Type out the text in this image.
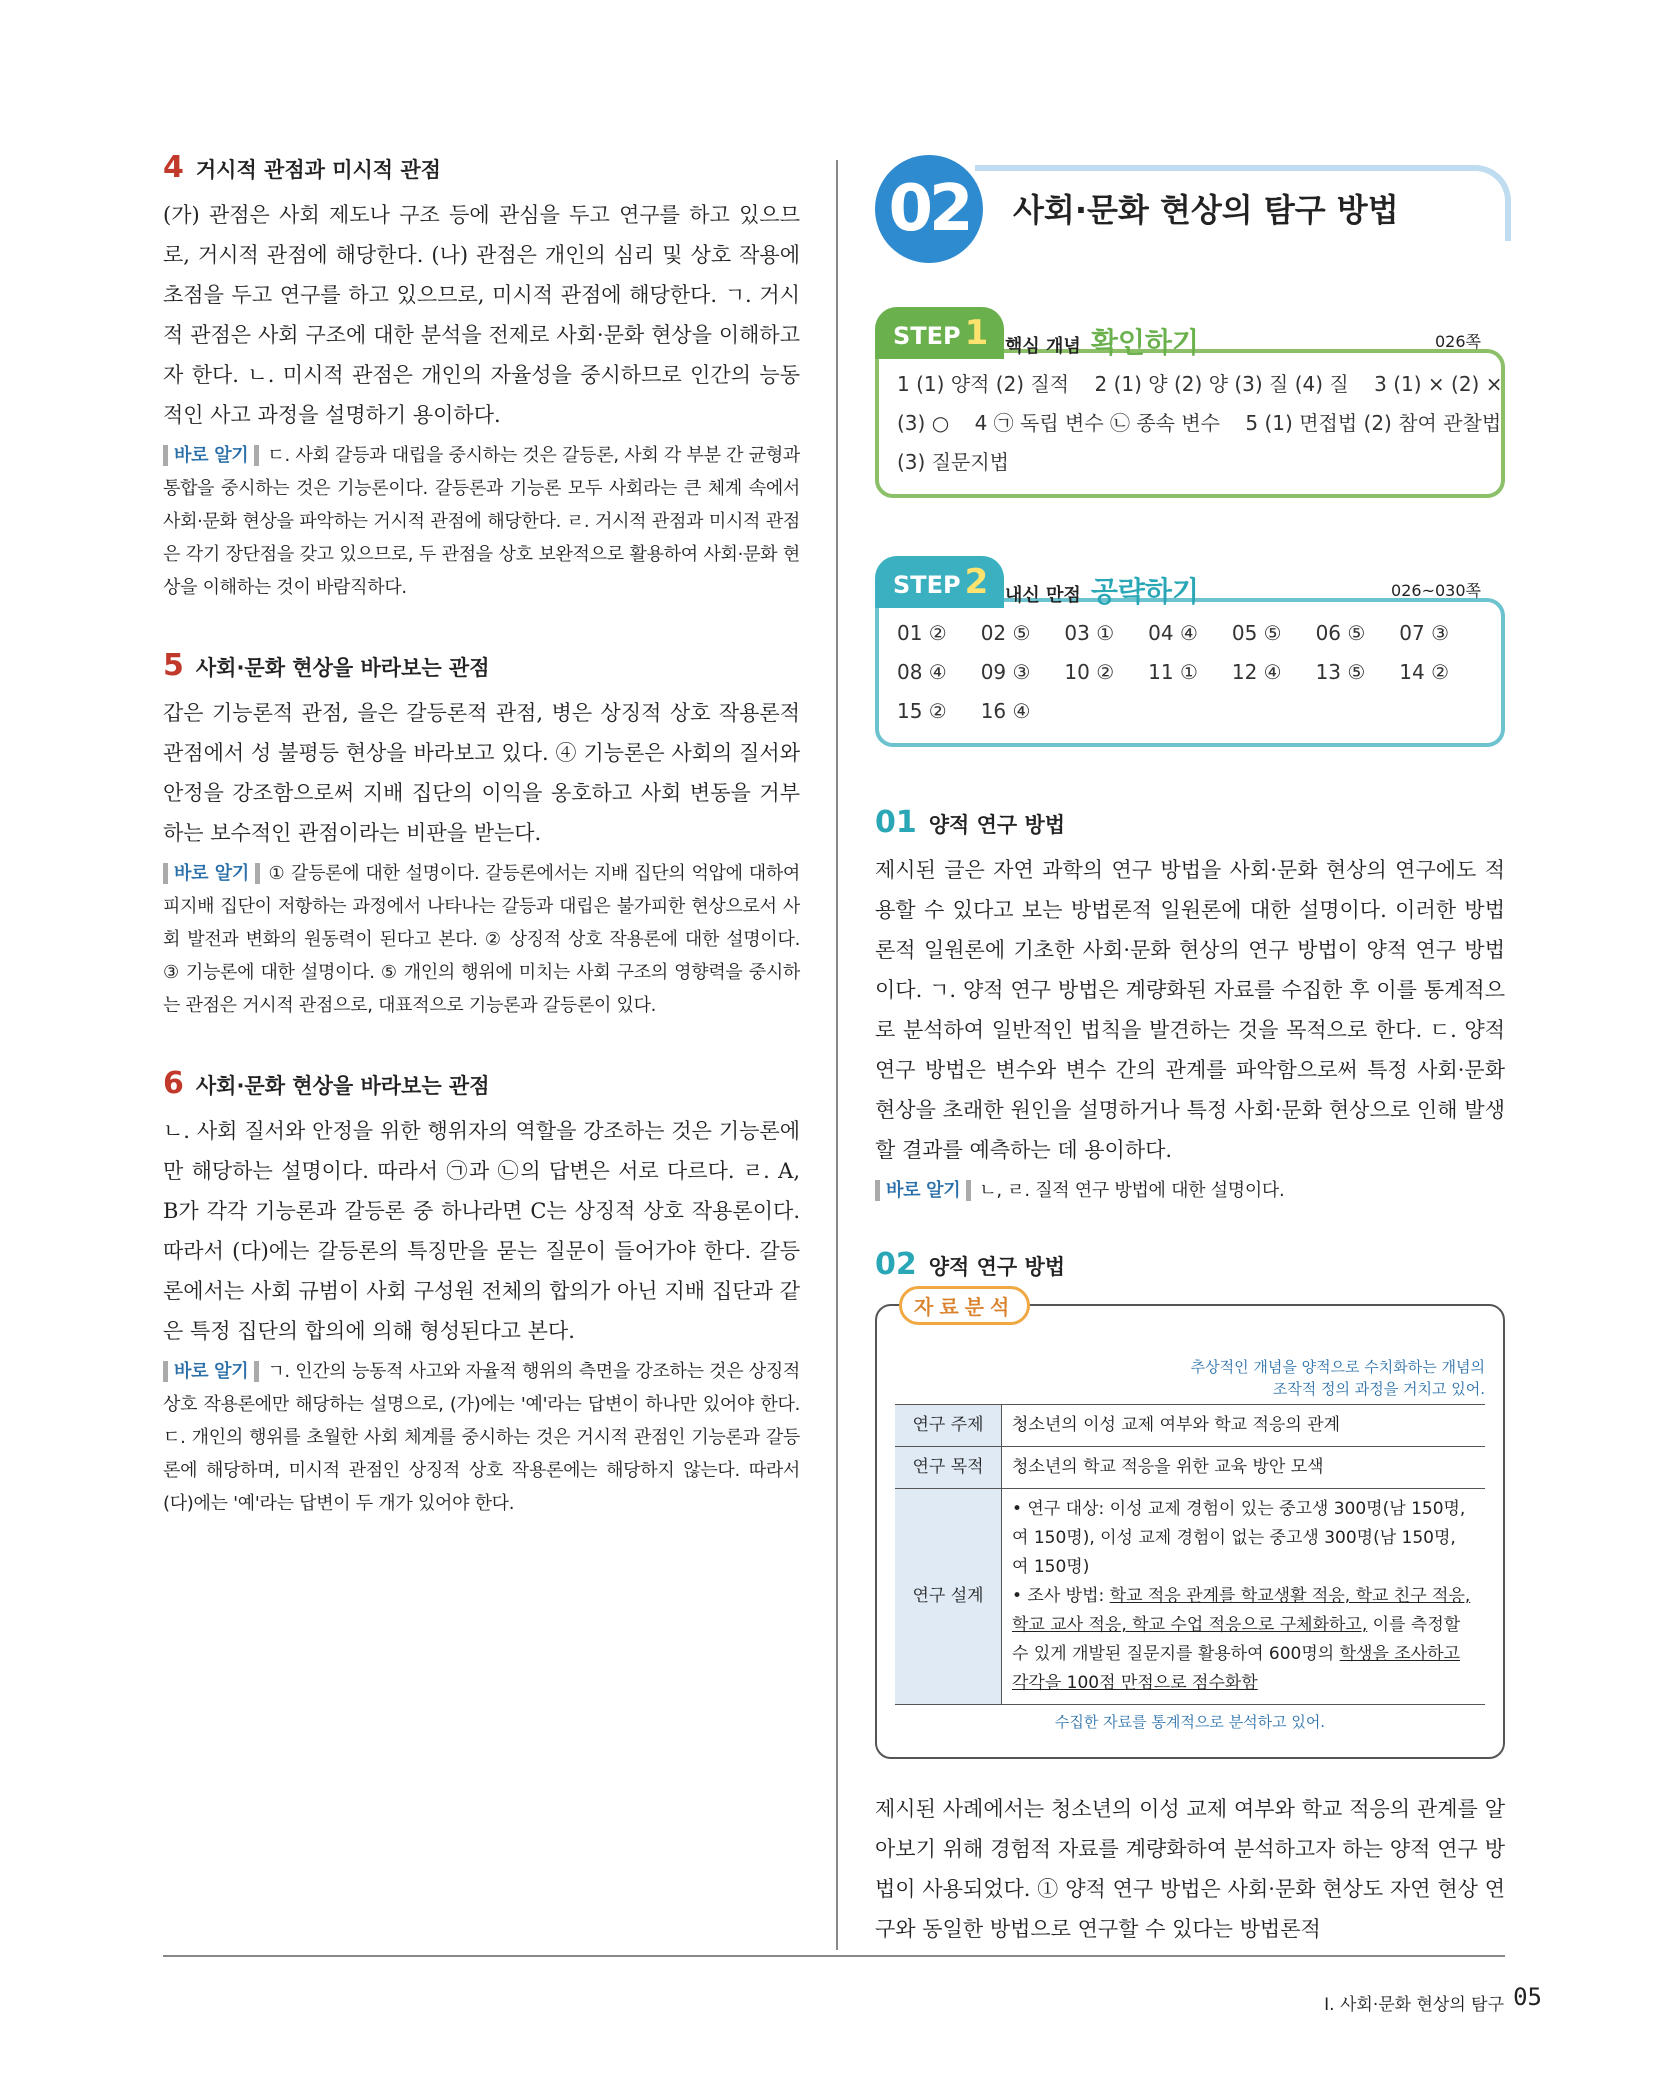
4 거시적 관점과 미시적 관점

(가) 관점은 사회 제도나 구조 등에 관심을 두고 연구를 하고 있으므로, 거시적 관점에 해당한다. (나) 관점은 개인의 심리 및 상호 작용에 초점을 두고 연구를 하고 있으므로, 미시적 관점에 해당한다. ㄱ. 거시적 관점은 사회 구조에 대한 분석을 전제로 사회·문화 현상을 이해하고자 한다. ㄴ. 미시적 관점은 개인의 자율성을 중시하므로 인간의 능동적인 사고 과정을 설명하기 용이하다.

바로 알기 ㄷ. 사회 갈등과 대립을 중시하는 것은 갈등론, 사회 각 부분 간 균형과 통합을 중시하는 것은 기능론이다. 갈등론과 기능론 모두 사회라는 큰 체계 속에서 사회·문화 현상을 파악하는 거시적 관점에 해당한다. ㄹ. 거시적 관점과 미시적 관점은 각기 장단점을 갖고 있으므로, 두 관점을 상호 보완적으로 활용하여 사회·문화 현상을 이해하는 것이 바람직하다.

5 사회·문화 현상을 바라보는 관점

갑은 기능론적 관점, 을은 갈등론적 관점, 병은 상징적 상호 작용론적 관점에서 성 불평등 현상을 바라보고 있다. ④ 기능론은 사회의 질서와 안정을 강조함으로써 지배 집단의 이익을 옹호하고 사회 변동을 거부하는 보수적인 관점이라는 비판을 받는다.

바로 알기 ① 갈등론에 대한 설명이다. 갈등론에서는 지배 집단의 억압에 대하여 피지배 집단이 저항하는 과정에서 나타나는 갈등과 대립은 불가피한 현상으로서 사회 발전과 변화의 원동력이 된다고 본다. ② 상징적 상호 작용론에 대한 설명이다. ③ 기능론에 대한 설명이다. ⑤ 개인의 행위에 미치는 사회 구조의 영향력을 중시하는 관점은 거시적 관점으로, 대표적으로 기능론과 갈등론이 있다.

6 사회·문화 현상을 바라보는 관점

ㄴ. 사회 질서와 안정을 위한 행위자의 역할을 강조하는 것은 기능론에만 해당하는 설명이다. 따라서 ㉠과 ㉡의 답변은 서로 다르다. ㄹ. A, B가 각각 기능론과 갈등론 중 하나라면 C는 상징적 상호 작용론이다. 따라서 (다)에는 갈등론의 특징만을 묻는 질문이 들어가야 한다. 갈등론에서는 사회 규범이 사회 구성원 전체의 합의가 아닌 지배 집단과 같은 특정 집단의 합의에 의해 형성된다고 본다.

바로 알기 ㄱ. 인간의 능동적 사고와 자율적 행위의 측면을 강조하는 것은 상징적 상호 작용론에만 해당하는 설명으로, (가)에는 '예'라는 답변이 하나만 있어야 한다. ㄷ. 개인의 행위를 초월한 사회 체계를 중시하는 것은 거시적 관점인 기능론과 갈등론에 해당하며, 미시적 관점인 상징적 상호 작용론에는 해당하지 않는다. 따라서 (다)에는 '예'라는 답변이 두 개가 있어야 한다.

02	사회·문화 현상의 탐구 방법
STEP 1 핵심 개념 확인하기	026쪽
1 (1) 양적 (2) 질적    2 (1) 양 (2) 양 (3) 질 (4) 질    3 (1) × (2) ×
(3) ○    4 ㉠ 독립 변수 ㉡ 종속 변수    5 (1) 면접법 (2) 참여 관찰법
(3) 질문지법
STEP 2 내신 만점 공략하기	026~030쪽
01 ②	02 ⑤	03 ①	04 ④	05 ⑤	06 ⑤	07 ③
08 ④	09 ③	10 ②	11 ①	12 ④	13 ⑤	14 ②
15 ②	16 ④
01 양적 연구 방법

제시된 글은 자연 과학의 연구 방법을 사회·문화 현상의 연구에도 적용할 수 있다고 보는 방법론적 일원론에 대한 설명이다. 이러한 방법론적 일원론에 기초한 사회·문화 현상의 연구 방법이 양적 연구 방법이다. ㄱ. 양적 연구 방법은 계량화된 자료를 수집한 후 이를 통계적으로 분석하여 일반적인 법칙을 발견하는 것을 목적으로 한다. ㄷ. 양적 연구 방법은 변수와 변수 간의 관계를 파악함으로써 특정 사회·문화 현상을 초래한 원인을 설명하거나 특정 사회·문화 현상으로 인해 발생할 결과를 예측하는 데 용이하다.

바로 알기 ㄴ, ㄹ. 질적 연구 방법에 대한 설명이다.

02 양적 연구 방법
자료분석
추상적인 개념을 양적으로 수치화하는 개념의
조작적 정의 과정을 거치고 있어.
연구 주제	청소년의 이성 교제 여부와 학교 적응의 관계
연구 목적	청소년의 학교 적응을 위한 교육 방안 모색
연구 설계	• 연구 대상: 이성 교제 경험이 있는 중고생 300명(남 150명, 여 150명), 이성 교제 경험이 없는 중고생 300명(남 150명, 여 150명)
• 조사 방법: 학교 적응 관계를 학교생활 적응, 학교 친구 적응, 학교 교사 적응, 학교 수업 적응으로 구체화하고, 이를 측정할 수 있게 개발된 질문지를 활용하여 600명의 학생을 조사하고 각각을 100점 만점으로 점수화함
수집한 자료를 통계적으로 분석하고 있어.

제시된 사례에서는 청소년의 이성 교제 여부와 학교 적응의 관계를 알아보기 위해 경험적 자료를 계량화하여 분석하고자 하는 양적 연구 방법이 사용되었다. ① 양적 연구 방법은 사회·문화 현상도 자연 현상 연구와 동일한 방법으로 연구할 수 있다는 방법론적

I. 사회·문화 현상의 탐구 05
